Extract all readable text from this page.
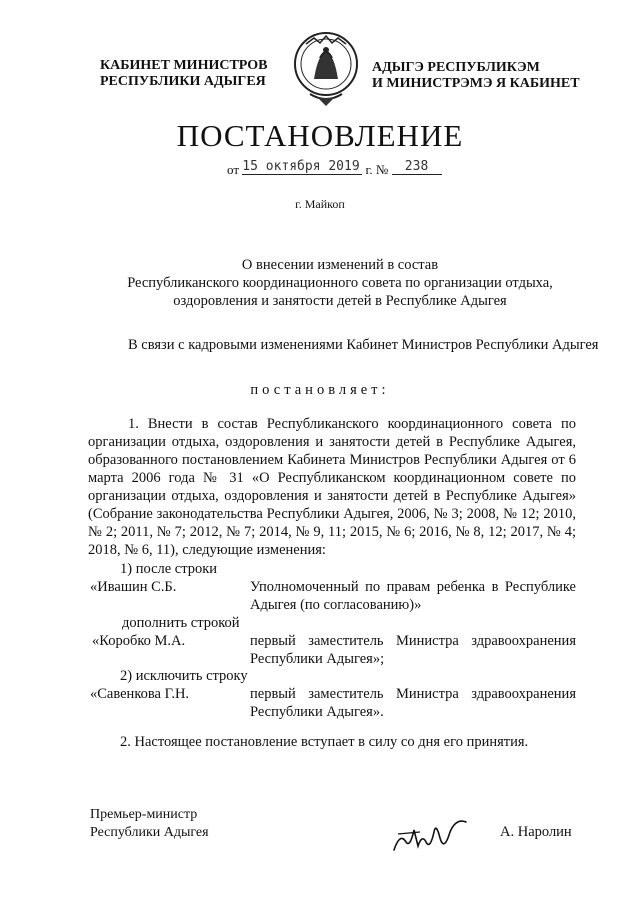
КАБИНЕТ МИНИСТРОВ
РЕСПУБЛИКИ АДЫГЕЯ
АДЫГЭ РЕСПУБЛИКЭМ
И МИНИСТРЭМЭ Я КАБИНЕТ
ПОСТАНОВЛЕНИЕ
от 15 октября 2019 г. № 238
г. Майкоп
О внесении изменений в состав
Республиканского координационного совета по организации отдыха,
оздоровления и занятости детей в Республике Адыгея
В связи с кадровыми изменениями Кабинет Министров Республики Адыгея
постановляет:
1. Внести в состав Республиканского координационного совета по организации отдыха, оздоровления и занятости детей в Республике Адыгея, образованного постановлением Кабинета Министров Республики Адыгея от 6 марта 2006 года № 31 «О Республиканском координационном совете по организации отдыха, оздоровления и занятости детей в Республике Адыгея» (Собрание законодательства Республики Адыгея, 2006, № 3; 2008, № 12; 2010, № 2; 2011, № 7; 2012, № 7; 2014, № 9, 11; 2015, № 6; 2016, № 8, 12; 2017, № 4; 2018, № 6, 11), следующие изменения:
1) после строки
«Ивашин С.Б.	Уполномоченный по правам ребенка в Республике Адыгея (по согласованию)»
дополнить строкой
«Коробко М.А.	первый заместитель Министра здравоохранения Республики Адыгея»;
2) исключить строку
«Савенкова Г.Н.	первый заместитель Министра здравоохранения Республики Адыгея».
2. Настоящее постановление вступает в силу со дня его принятия.
Премьер-министр
Республики Адыгея	А. Наролин
